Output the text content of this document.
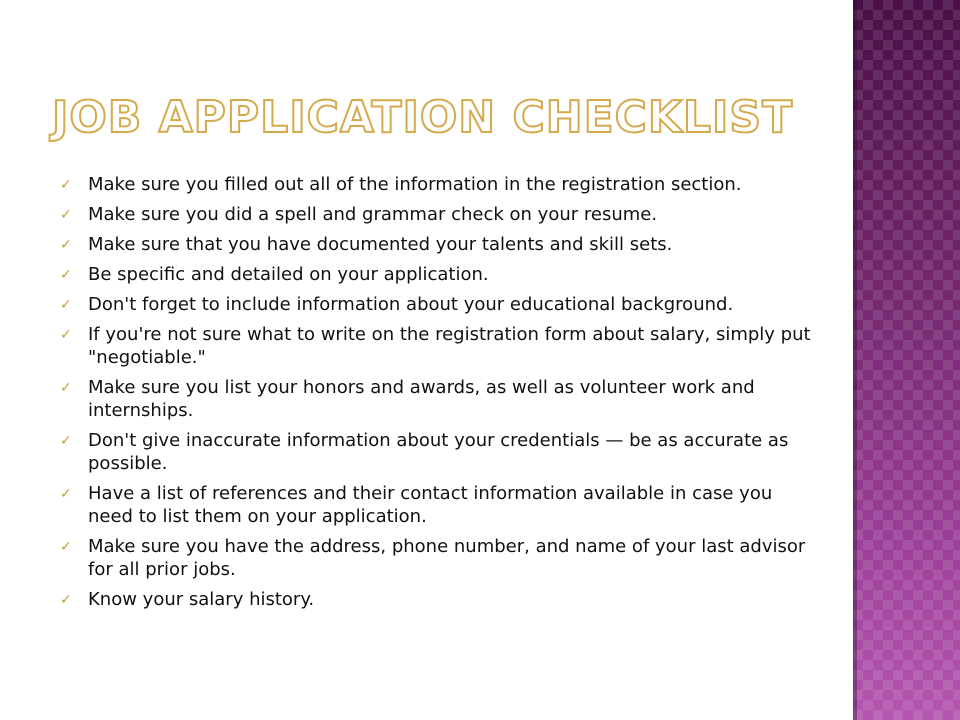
JOB APPLICATION CHECKLIST
✓ Make sure you filled out all of the information in the registration section.
✓ Make sure you did a spell and grammar check on your resume.
✓ Make sure that you have documented your talents and skill sets.
✓ Be specific and detailed on your application.
✓ Don't forget to include information about your educational background.
✓ If you're not sure what to write on the registration form about salary, simply put "negotiable."
✓ Make sure you list your honors and awards, as well as volunteer work and internships.
✓ Don't give inaccurate information about your credentials — be as accurate as possible.
✓ Have a list of references and their contact information available in case you need to list them on your application.
✓ Make sure you have the address, phone number, and name of your last advisor for all prior jobs.
✓ Know your salary history.
